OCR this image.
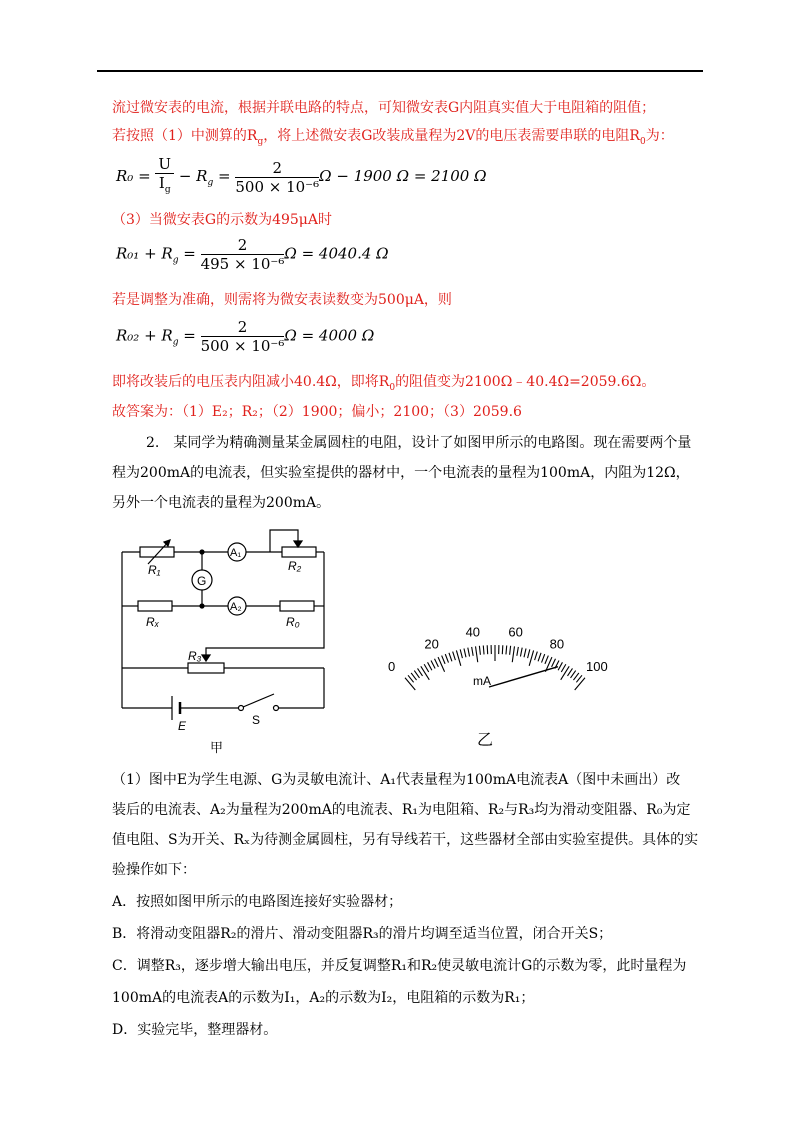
流过微安表的电流，根据并联电路的特点，可知微安表G内阻真实值大于电阻箱的阻值；
若按照（1）中测算的$R_g$，将上述微安表G改装成量程为2V的电压表需要串联的电阻$R_0$为：
$R_0 = \frac{U}{I_g} - R_g = \frac{2}{\text{500 × 10⁻⁶}}$ Ω − 1900 Ω = 2100 Ω
（3）当微安表G的示数为495μA时
$R_{01} + R_g = \frac{2}{\text{495 × 10⁻⁶}}$ Ω = 4040.4 Ω
若是调整为准确，则需将为微安表读数变为500μA，则
$R_{02} + R_g = \frac{2}{\text{500 × 10⁻⁶}}$ Ω = 4000 Ω
即将改装后的电压表内阻减小40.4Ω，即将$R_0$的阻值变为2100Ω﹣40.4Ω=2059.6Ω。
故答案为：（1）E₂；R₂；（2）1900；偏小；2100；（3）2059.6
2.　某同学为精确测量某金属圆柱的电阻，设计了如图甲所示的电路图。现在需要两个量
程为200mA的电流表，但实验室提供的器材中，一个电流表的量程为100mA，内阻为12Ω，
另外一个电流表的量程为200mA。
R₁	R₂
A₁
A₂
G
Rₓ	R₀
R₃
E	S
甲
0
20
40 60
80
100
mA
乙
（1）图中E为学生电源、G为灵敏电流计、A₁代表量程为100mA电流表A（图中未画出）改
装后的电流表、A₂为量程为200mA的电流表、R₁为电阻箱、R₂与R₃均为滑动变阻器、R₀为定
值电阻、S为开关、Rₓ为待测金属圆柱，另有导线若干，这些器材全部由实验室提供。具体的实
验操作如下：
A．按照如图甲所示的电路图连接好实验器材；
B．将滑动变阻器R₂的滑片、滑动变阻器R₃的滑片均调至适当位置，闭合开关S；
C．调整R₃，逐步增大输出电压，并反复调整R₁和R₂使灵敏电流计G的示数为零，此时量程为
100mA的电流表A的示数为I₁，A₂的示数为I₂，电阻箱的示数为R₁；
D．实验完毕，整理器材。
